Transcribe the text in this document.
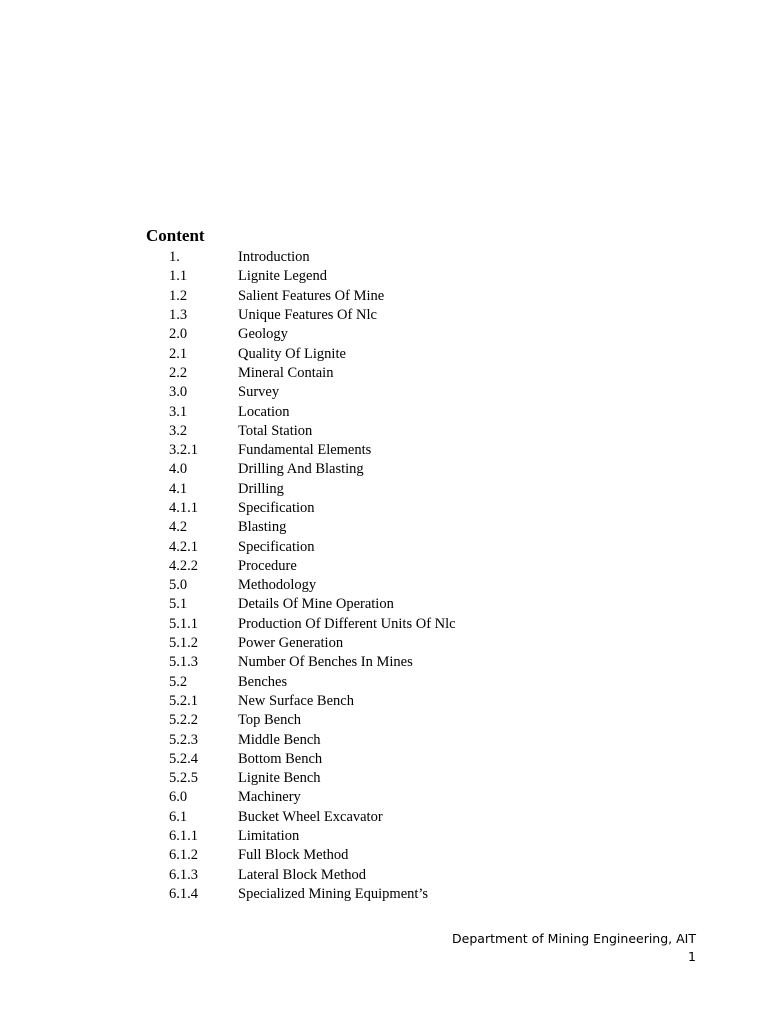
Content
1.	Introduction
1.1	Lignite Legend
1.2	Salient Features Of Mine
1.3	Unique Features Of Nlc
2.0	Geology
2.1	Quality Of Lignite
2.2	Mineral Contain
3.0	Survey
3.1	Location
3.2	Total Station
3.2.1	Fundamental Elements
4.0	Drilling And Blasting
4.1	Drilling
4.1.1	Specification
4.2	Blasting
4.2.1	Specification
4.2.2	Procedure
5.0	Methodology
5.1	Details Of Mine Operation
5.1.1	Production Of Different Units Of Nlc
5.1.2	Power Generation
5.1.3	Number Of Benches In Mines
5.2	Benches
5.2.1	New Surface Bench
5.2.2	Top Bench
5.2.3	Middle Bench
5.2.4	Bottom Bench
5.2.5	Lignite Bench
6.0	Machinery
6.1	Bucket Wheel Excavator
6.1.1	Limitation
6.1.2	Full Block Method
6.1.3	Lateral Block Method
6.1.4	Specialized Mining Equipment’s
Department of Mining Engineering, AIT
1
